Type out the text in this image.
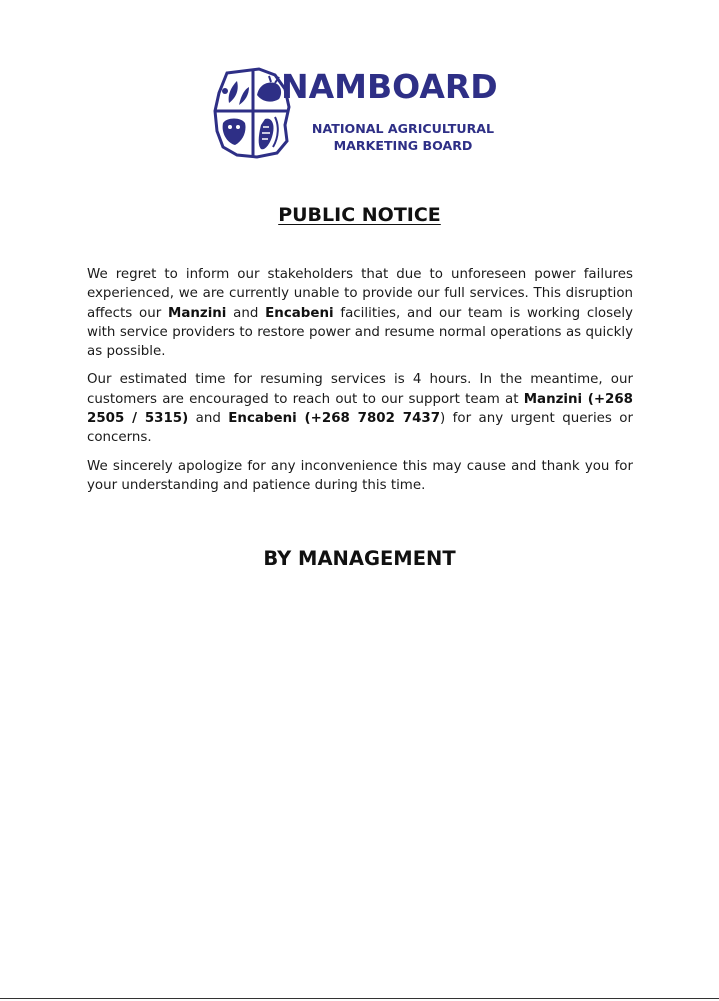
NAMBOARD
NATIONAL AGRICULTURAL
MARKETING BOARD
PUBLIC NOTICE

We regret to inform our stakeholders that due to unforeseen power failures experienced, we are currently unable to provide our full services. This disruption affects our Manzini and Encabeni facilities, and our team is working closely with service providers to restore power and resume normal operations as quickly as possible.

Our estimated time for resuming services is 4 hours. In the meantime, our customers are encouraged to reach out to our support team at Manzini (+268 2505 / 5315) and Encabeni (+268 7802 7437) for any urgent queries or concerns.

We sincerely apologize for any inconvenience this may cause and thank you for your understanding and patience during this time.

BY MANAGEMENT
